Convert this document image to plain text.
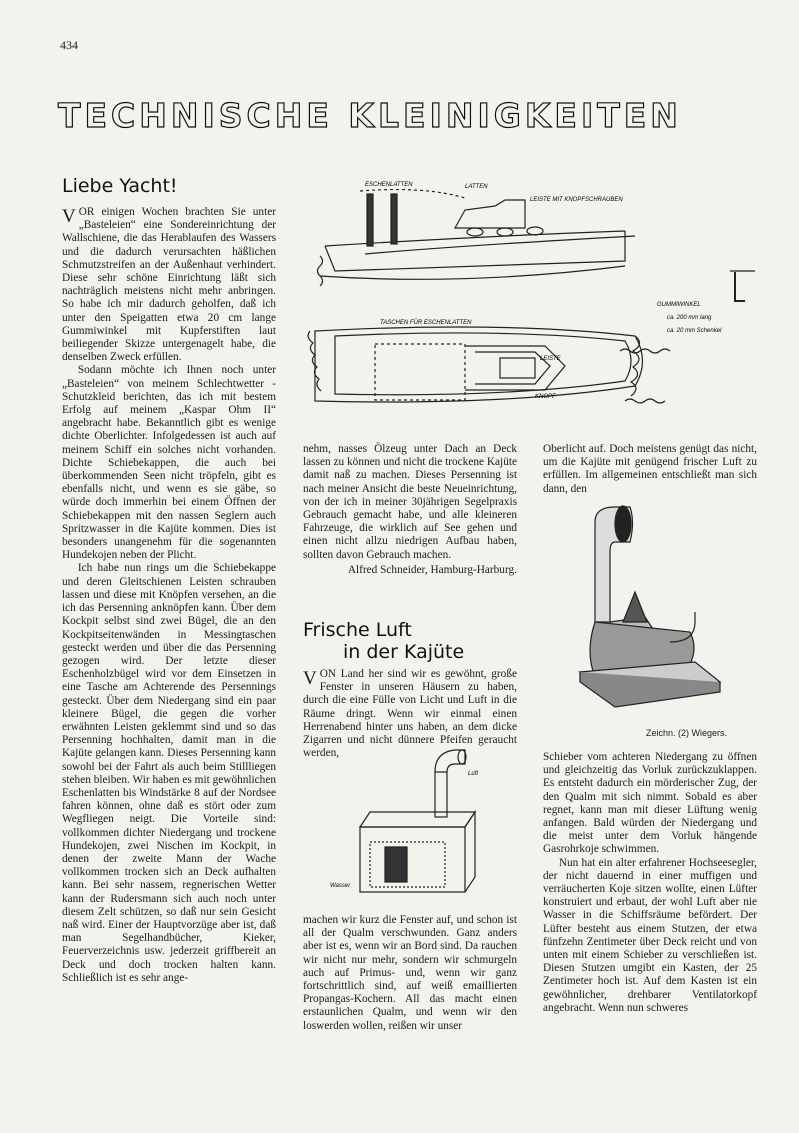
434
TECHNISCHE KLEINIGKEITEN
Liebe Yacht!

VOR einigen Wochen brachten Sie unter „Basteleien“ eine Sondereinrichtung der Wallschiene, die das Herablaufen des Wassers und die dadurch verursachten häßlichen Schmutzstreifen an der Außenhaut verhindert. Diese sehr schöne Einrichtung läßt sich nachträglich meistens nicht mehr anbringen. So habe ich mir dadurch geholfen, daß ich unter den Speigatten etwa 20 cm lange Gummiwinkel mit Kupferstiften laut beiliegender Skizze untergenagelt habe, die denselben Zweck erfüllen.

Sodann möchte ich Ihnen noch unter „Basteleien“ von meinem Schlechtwetter - Schutzkleid berichten, das ich mit bestem Erfolg auf meinem „Kaspar Ohm II“ angebracht habe. Bekanntlich gibt es wenige dichte Oberlichter. Infolgedessen ist auch auf meinem Schiff ein solches nicht vorhanden. Dichte Schiebekappen, die auch bei überkommenden Seen nicht tröpfeln, gibt es ebenfalls nicht, und wenn es sie gäbe, so würde doch immerhin bei einem Öffnen der Schiebekappen mit den nassen Seglern auch Spritzwasser in die Kajüte kommen. Dies ist besonders unangenehm für die sogenannten Hundekojen neben der Plicht.

Ich habe nun rings um die Schiebekappe und deren Gleitschienen Leisten schrauben lassen und diese mit Knöpfen versehen, an die ich das Persenning anknöpfen kann. Über dem Kockpit selbst sind zwei Bügel, die an den Kockpitseitenwänden in Messingtaschen gesteckt werden und über die das Persenning gezogen wird. Der letzte dieser Eschenholzbügel wird vor dem Einsetzen in eine Tasche am Achterende des Persennings gesteckt. Über dem Niedergang sind ein paar kleinere Bügel, die gegen die vorher erwähnten Leisten geklemmt sind und so das Persenning hochhalten, damit man in die Kajüte gelangen kann. Dieses Persenning kann sowohl bei der Fahrt als auch beim Stillliegen stehen bleiben. Wir haben es mit gewöhnlichen Eschenlatten bis Windstärke 8 auf der Nordsee fahren können, ohne daß es stört oder zum Wegfliegen neigt. Die Vorteile sind: vollkommen dichter Niedergang und trockene Hundekojen, zwei Nischen im Kockpit, in denen der zweite Mann der Wache vollkommen trocken sich an Deck aufhalten kann. Bei sehr nassem, regnerischen Wetter kann der Rudersmann sich auch noch unter diesem Zelt schützen, so daß nur sein Gesicht naß wird. Einer der Hauptvorzüge aber ist, daß man Segelhandbücher, Kieker, Feuerverzeichnis usw. jederzeit griffbereit an Deck und doch trocken halten kann. Schließlich ist es sehr ange-

ESCHENLATTEN	LATTEN
LEISTE MIT KNOPFSCHRAUBEN
TASCHEN FÜR ESCHENLATTEN
LEISTE
KNOPF
GUMMIWINKEL
ca. 200 mm lang
ca. 20 mm Schenkel

nehm, nasses Ölzeug unter Dach an Deck lassen zu können und nicht die trockene Kajüte damit naß zu machen. Dieses Persenning ist nach meiner Ansicht die beste Neueinrichtung, von der ich in meiner 30jährigen Segelpraxis Gebrauch gemacht habe, und alle kleineren Fahrzeuge, die wirklich auf See gehen und einen nicht allzu niedrigen Aufbau haben, sollten davon Gebrauch machen.

Alfred Schneider, Hamburg-Harburg.

Frische Luft
in der Kajüte

VON Land her sind wir es gewöhnt, große Fenster in unseren Häusern zu haben, durch die eine Fülle von Licht und Luft in die Räume dringt. Wenn wir einmal einen Herrenabend hinter uns haben, an dem dicke Zigarren und nicht dünnere Pfeifen geraucht werden,

Luft
Wasser

machen wir kurz die Fenster auf, und schon ist all der Qualm verschwunden. Ganz anders aber ist es, wenn wir an Bord sind. Da rauchen wir nicht nur mehr, sondern wir schmurgeln auch auf Primus- und, wenn wir ganz fortschrittlich sind, auf weiß emaillierten Propangas-Kochern. All das macht einen erstaunlichen Qualm, und wenn wir den loswerden wollen, reißen wir unser

Oberlicht auf. Doch meistens genügt das nicht, um die Kajüte mit genügend frischer Luft zu erfüllen. Im allgemeinen entschließt man sich dann, den

Zeichn. (2) Wiegers.

Schieber vom achteren Niedergang zu öffnen und gleichzeitig das Vorluk zurückzuklappen. Es entsteht dadurch ein mörderischer Zug, der den Qualm mit sich nimmt. Sobald es aber regnet, kann man mit dieser Lüftung wenig anfangen. Bald würden der Niedergang und die meist unter dem Vorluk hängende Gasrohrkoje schwimmen.

Nun hat ein alter erfahrener Hochseesegler, der nicht dauernd in einer muffigen und verräucherten Koje sitzen wollte, einen Lüfter konstruiert und erbaut, der wohl Luft aber nie Wasser in die Schiffsräume befördert. Der Lüfter besteht aus einem Stutzen, der etwa fünfzehn Zentimeter über Deck reicht und von unten mit einem Schieber zu verschließen ist. Diesen Stutzen umgibt ein Kasten, der 25 Zentimeter hoch ist. Auf dem Kasten ist ein gewöhnlicher, drehbarer Ventilatorkopf angebracht. Wenn nun schweres
